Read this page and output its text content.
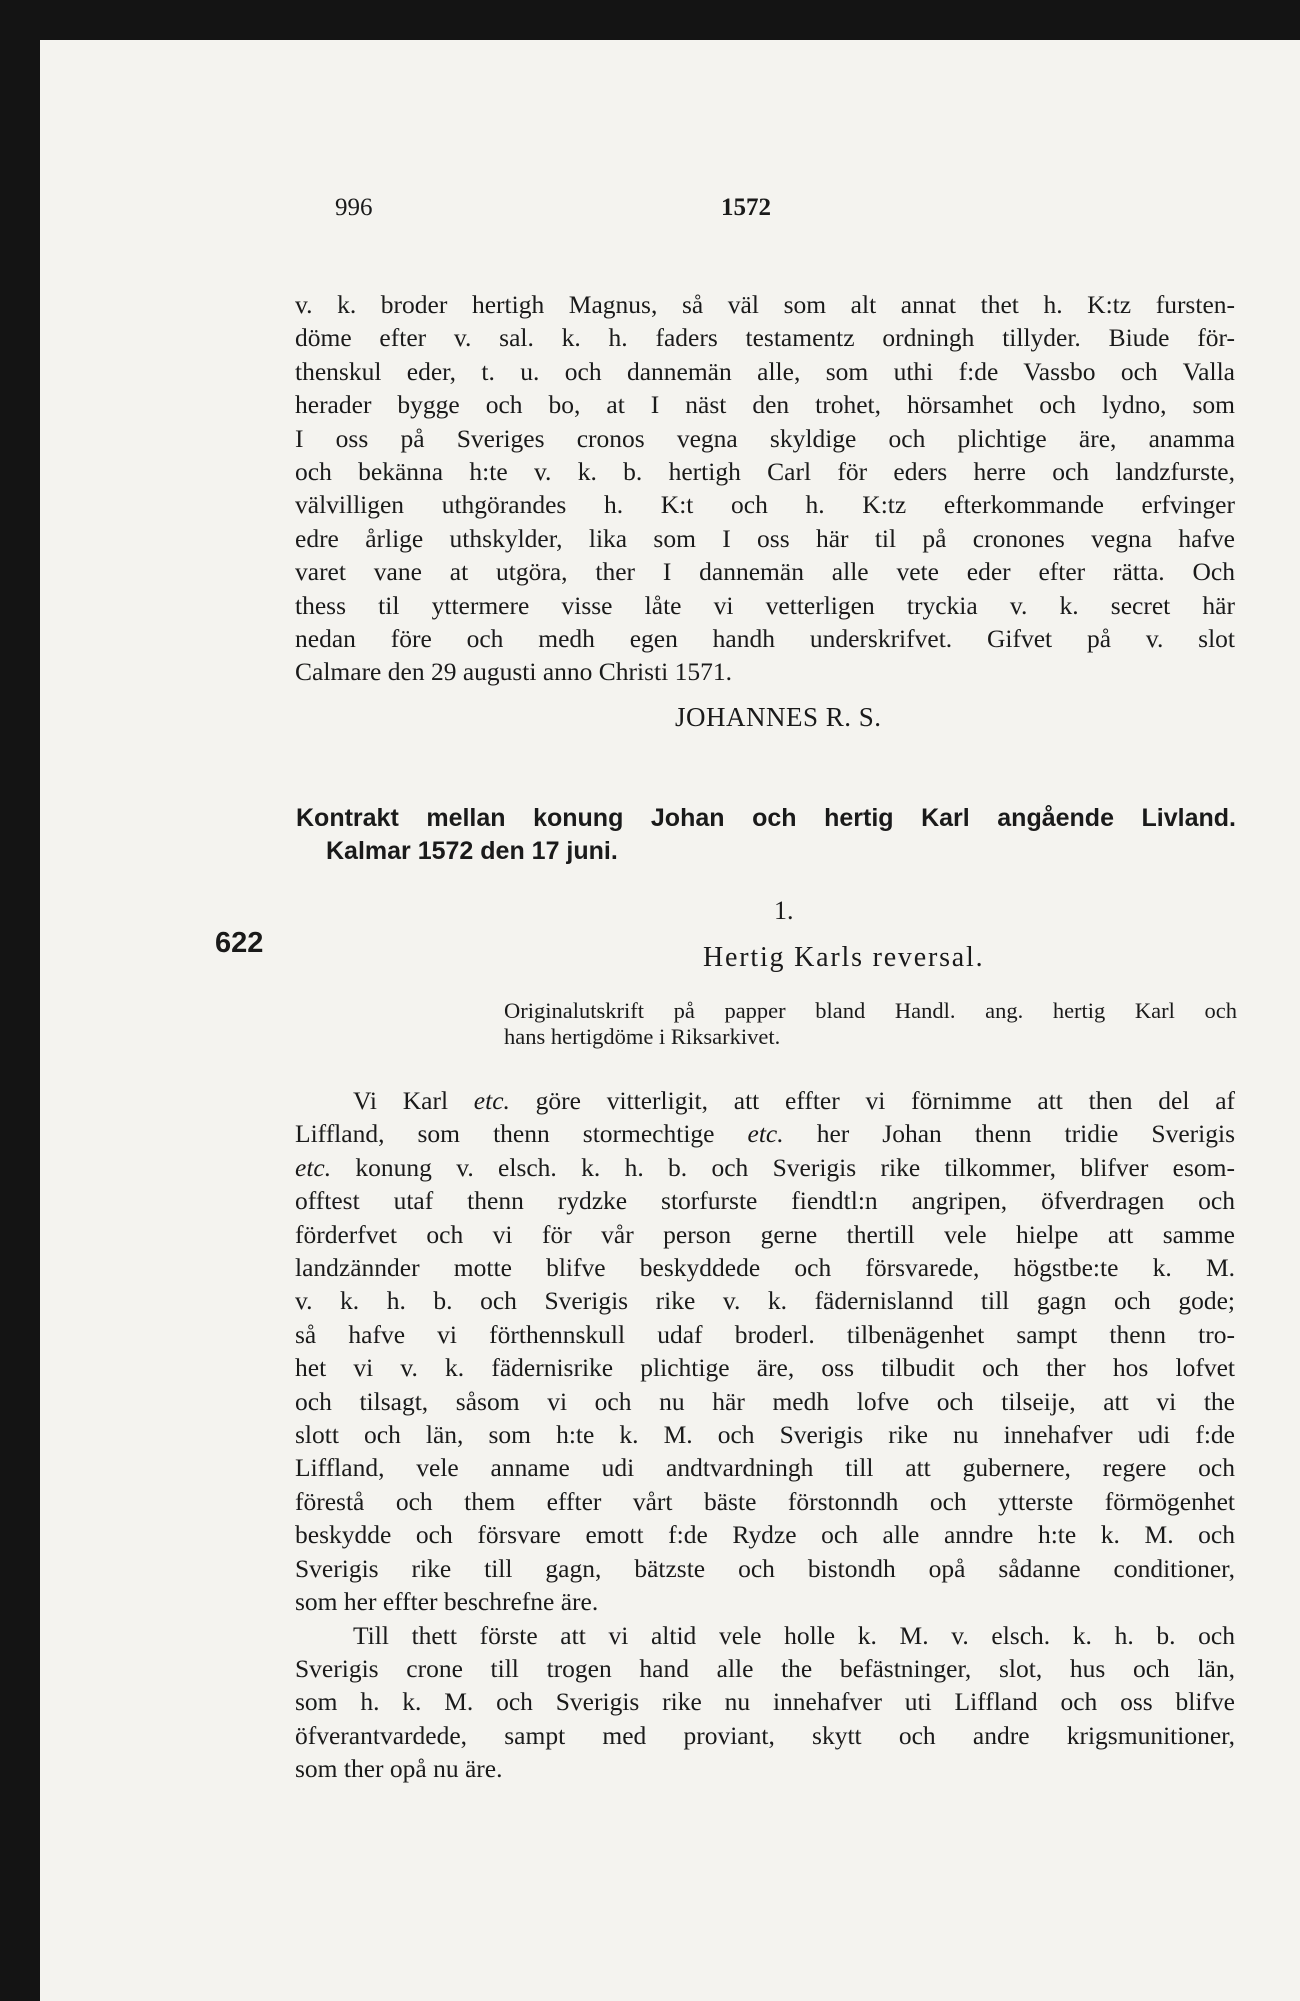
996	1572
v. k. broder hertigh Magnus, så väl som alt annat thet h. K:tz fursten-
döme efter v. sal. k. h. faders testamentz ordningh tillyder. Biude för-
thenskul eder, t. u. och dannemän alle, som uthi f:de Vassbo och Valla
herader bygge och bo, at I näst den trohet, hörsamhet och lydno, som
I oss på Sveriges cronos vegna skyldige och plichtige äre, anamma
och bekänna h:te v. k. b. hertigh Carl för eders herre och landzfurste,
välvilligen uthgörandes h. K:t och h. K:tz efterkommande erfvinger
edre årlige uthskylder, lika som I oss här til på cronones vegna hafve
varet vane at utgöra, ther I dannemän alle vete eder efter rätta. Och
thess til yttermere visse låte vi vetterligen tryckia v. k. secret här
nedan före och medh egen handh underskrifvet. Gifvet på v. slot
Calmare den 29 augusti anno Christi 1571.
JOHANNES R. S.
Kontrakt mellan konung Johan och hertig Karl angående Livland.
Kalmar 1572 den 17 juni.
1.
622	Hertig Karls reversal.
Originalutskrift på papper bland Handl. ang. hertig Karl och
hans hertigdöme i Riksarkivet.
Vi Karl etc. göre vitterligit, att effter vi förnimme att then del af
Liffland, som thenn stormechtige etc. her Johan thenn tridie Sverigis
etc. konung v. elsch. k. h. b. och Sverigis rike tilkommer, blifver esom-
offtest utaf thenn rydzke storfurste fiendtl:n angripen, öfverdragen och
förderfvet och vi för vår person gerne thertill vele hielpe att samme
landzännder motte blifve beskyddede och försvarede, högstbe:te k. M.
v. k. h. b. och Sverigis rike v. k. fädernislannd till gagn och gode;
så hafve vi förthennskull udaf broderl. tilbenägenhet sampt thenn tro-
het vi v. k. fädernisrike plichtige äre, oss tilbudit och ther hos lofvet
och tilsagt, såsom vi och nu här medh lofve och tilseije, att vi the
slott och län, som h:te k. M. och Sverigis rike nu innehafver udi f:de
Liffland, vele anname udi andtvardningh till att gubernere, regere och
förestå och them effter vårt bäste förstonndh och ytterste förmögenhet
beskydde och försvare emott f:de Rydze och alle anndre h:te k. M. och
Sverigis rike till gagn, bätzste och bistondh opå sådanne conditioner,
som her effter beschrefne äre.
Till thett förste att vi altid vele holle k. M. v. elsch. k. h. b. och
Sverigis crone till trogen hand alle the befästninger, slot, hus och län,
som h. k. M. och Sverigis rike nu innehafver uti Liffland och oss blifve
öfverantvardede, sampt med proviant, skytt och andre krigsmunitioner,
som ther opå nu äre.
